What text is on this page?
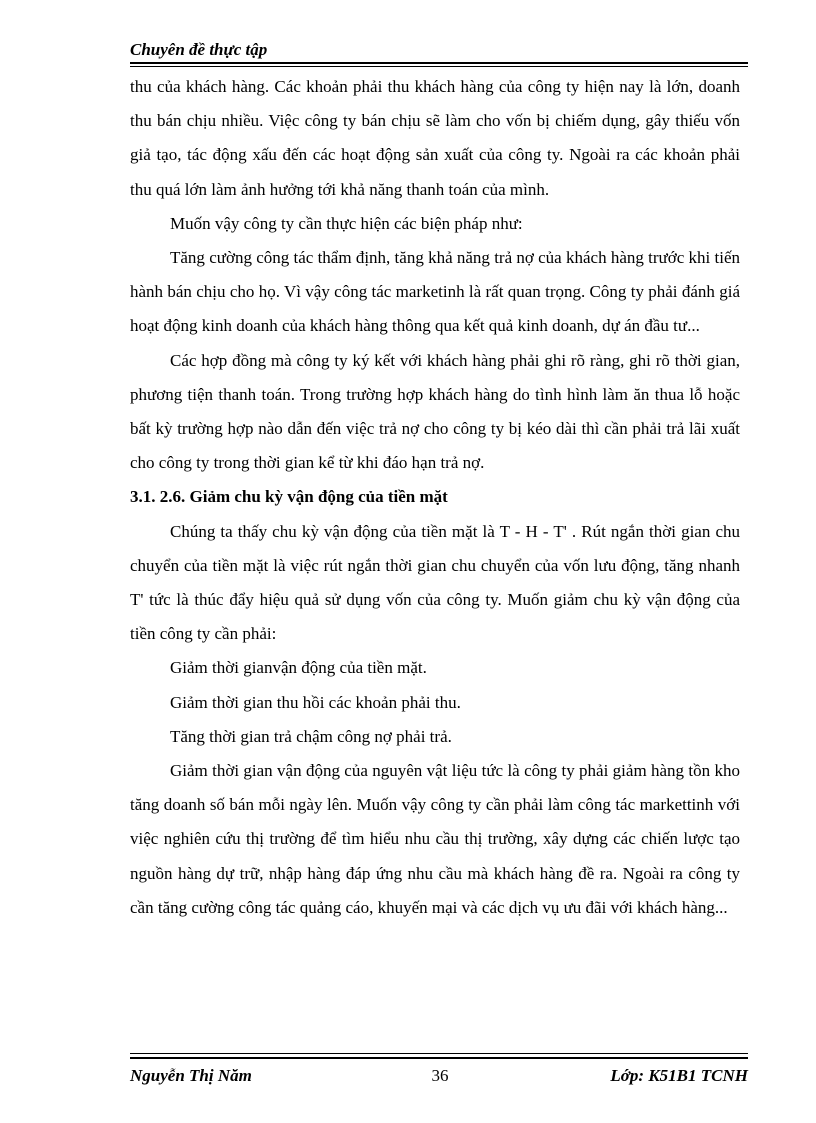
Chuyên đề thực tập

thu của khách hàng. Các khoản phải thu khách hàng của công ty hiện nay là lớn, doanh thu bán chịu nhiều. Việc công ty bán chịu sẽ làm cho vốn bị chiếm dụng, gây thiếu vốn giả tạo, tác động xấu đến các hoạt động sản xuất của công ty. Ngoài ra các khoản phải thu quá lớn làm ảnh hưởng tới khả năng thanh toán của mình.

Muốn vậy công ty cần thực hiện các biện pháp như:

Tăng cường công tác thẩm định, tăng khả năng trả nợ của khách hàng trước khi tiến hành bán chịu cho họ. Vì vậy công tác marketinh là rất quan trọng. Công ty phải đánh giá hoạt động kinh doanh của khách hàng thông qua kết quả kinh doanh, dự án đầu tư...

Các hợp đồng mà công ty ký kết với khách hàng phải ghi rõ ràng, ghi rõ thời gian, phương tiện thanh toán. Trong trường hợp khách hàng do tình hình làm ăn thua lỗ hoặc bất kỳ trường hợp nào dẫn đến việc trả nợ cho công ty bị kéo dài thì cần phải trả lãi xuất cho công ty trong thời gian kể từ khi đáo hạn trả nợ.

3.1. 2.6. Giảm chu kỳ vận động của tiền mặt

Chúng ta thấy chu kỳ vận động của tiền mặt là T - H - T' . Rút ngắn thời gian chu chuyển của tiền mặt là việc rút ngắn thời gian chu chuyển của vốn lưu động, tăng nhanh T' tức là thúc đẩy hiệu quả sử dụng vốn của công ty. Muốn giảm chu kỳ vận động của tiền công ty cần phải:

Giảm thời gianvận động của tiền mặt.

Giảm thời gian thu hồi các khoản phải thu.

Tăng thời gian trả chậm công nợ phải trả.

Giảm thời gian vận động của nguyên vật liệu tức là công ty phải giảm hàng tồn kho tăng doanh số bán mỗi ngày lên. Muốn vậy công ty cần phải làm công tác markettinh với việc nghiên cứu thị trường để tìm hiểu nhu cầu thị trường, xây dựng các chiến lược tạo nguồn hàng dự trữ, nhập hàng đáp ứng nhu cầu mà khách hàng đề ra. Ngoài ra công ty cần tăng cường công tác quảng cáo, khuyến mại và các dịch vụ ưu đãi với khách hàng...

Nguyễn Thị Năm	36	Lớp: K51B1 TCNH
